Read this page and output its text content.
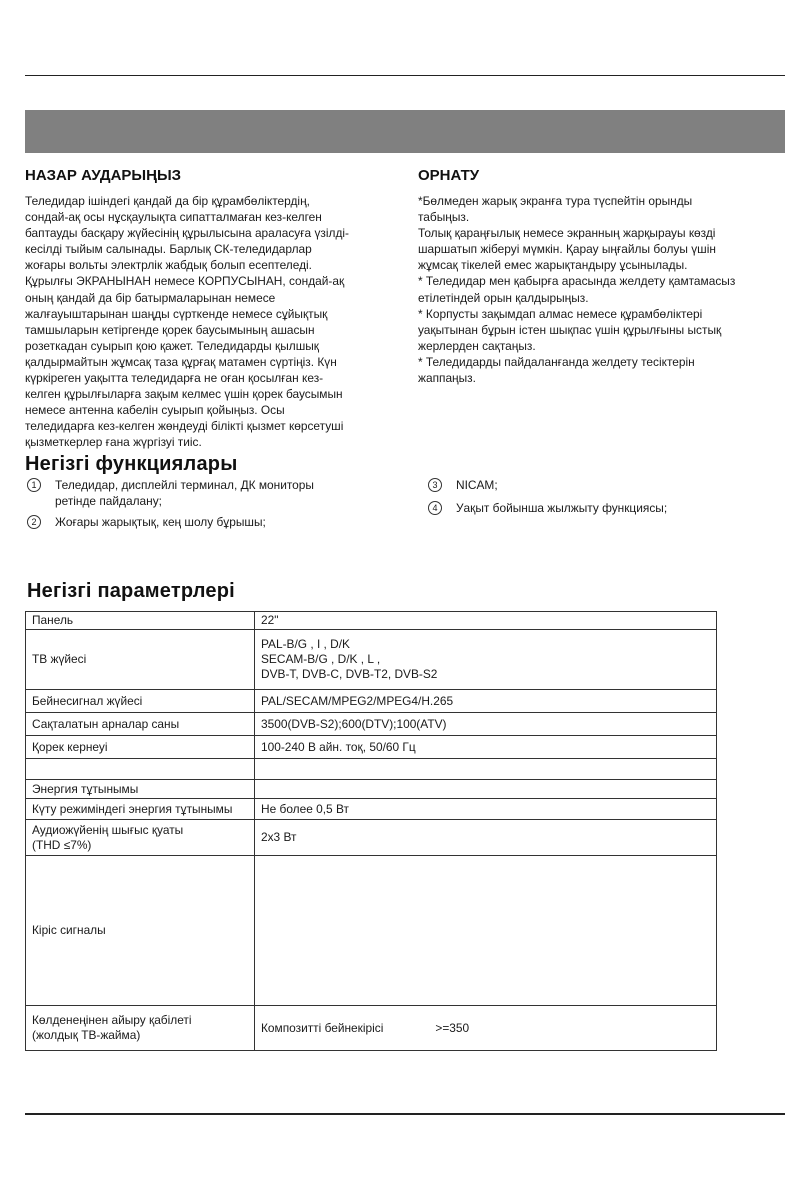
НАЗАР АУДАРЫҢЫЗ
Теледидар ішіндегі қандай да бір құрамбөліктердің,
сондай-ақ осы нұсқаулықта сипатталмаған кез-келген
баптауды басқару жүйесінің құрылысына араласуға үзілді-
кесілді тыйым салынады. Барлық СК-теледидарлар
жоғары вольты электрлік жабдық болып есептеледі.
Құрылғы ЭКРАНЫНАН немесе КОРПУСЫНАН, сондай-ақ
оның қандай да бір батырмаларынан немесе
жалғауыштарынан шаңды сүрткенде немесе сұйықтық
тамшыларын кетіргенде қорек баусымының ашасын
розеткадан суырып қою қажет. Теледидарды қылшық
қалдырмайтын жұмсақ таза құрғақ матамен сүртіңіз. Күн
күркіреген уақытта теледидарға не оған қосылған кез-
келген құрылғыларға зақым келмес үшін қорек баусымын
немесе антенна кабелін суырып қойыңыз. Осы
теледидарға кез-келген жөндеуді білікті қызмет көрсетуші
қызметкерлер ғана жүргізуі тиіс.
ОРНАТУ
*Бөлмеден жарық экранға тура түспейтін орынды
табыңыз.
Толық қараңғылық немесе экранның жарқырауы көзді
шаршатып жіберуі мүмкін. Қарау ыңғайлы болуы үшін
жұмсақ тікелей емес жарықтандыру ұсынылады.
* Теледидар мен қабырға арасында желдету қамтамасыз
етілетіндей орын қалдырыңыз.
* Корпусты зақымдап алмас немесе құрамбөліктері
уақытынан бұрын істен шықпас үшін құрылғыны ыстық
жерлерден сақтаңыз.
* Теледидарды пайдаланғанда желдету тесіктерін
жаппаңыз.
Негізгі функциялары
1	Теледидар, дисплейлі терминал, ДК мониторы
ретінде пайдалану;
2	Жоғары жарықтық, кең шолу бұрышы;
3	NICAM;
4	Уақыт бойынша жылжыту функциясы;
Негізгі параметрлері
Панель	22"

ТВ жүйесі	PAL-B/G , I , D/K
SECAM-B/G , D/K , L ,
DVB-T, DVB-C, DVB-T2, DVB-S2

Бейнесигнал жүйесі	PAL/SECAM/MPEG2/MPEG4/H.265

Сақталатын арналар саны	3500(DVB-S2);600(DTV);100(ATV)

Қорек кернеуі	100-240 В айн. тоқ, 50/60 Гц

Энергия тұтынымы	

Күту режиміндегі энергия тұтынымы	Не более 0,5 Вт

Аудиожүйенің шығыс қуаты
(THD ≤7%)	2x3 Вт

Кіріс сигналы	

Көлденеңінен айыру қабілеті
(жолдық ТВ-жайма)	Композитті бейнекірісі >=350
